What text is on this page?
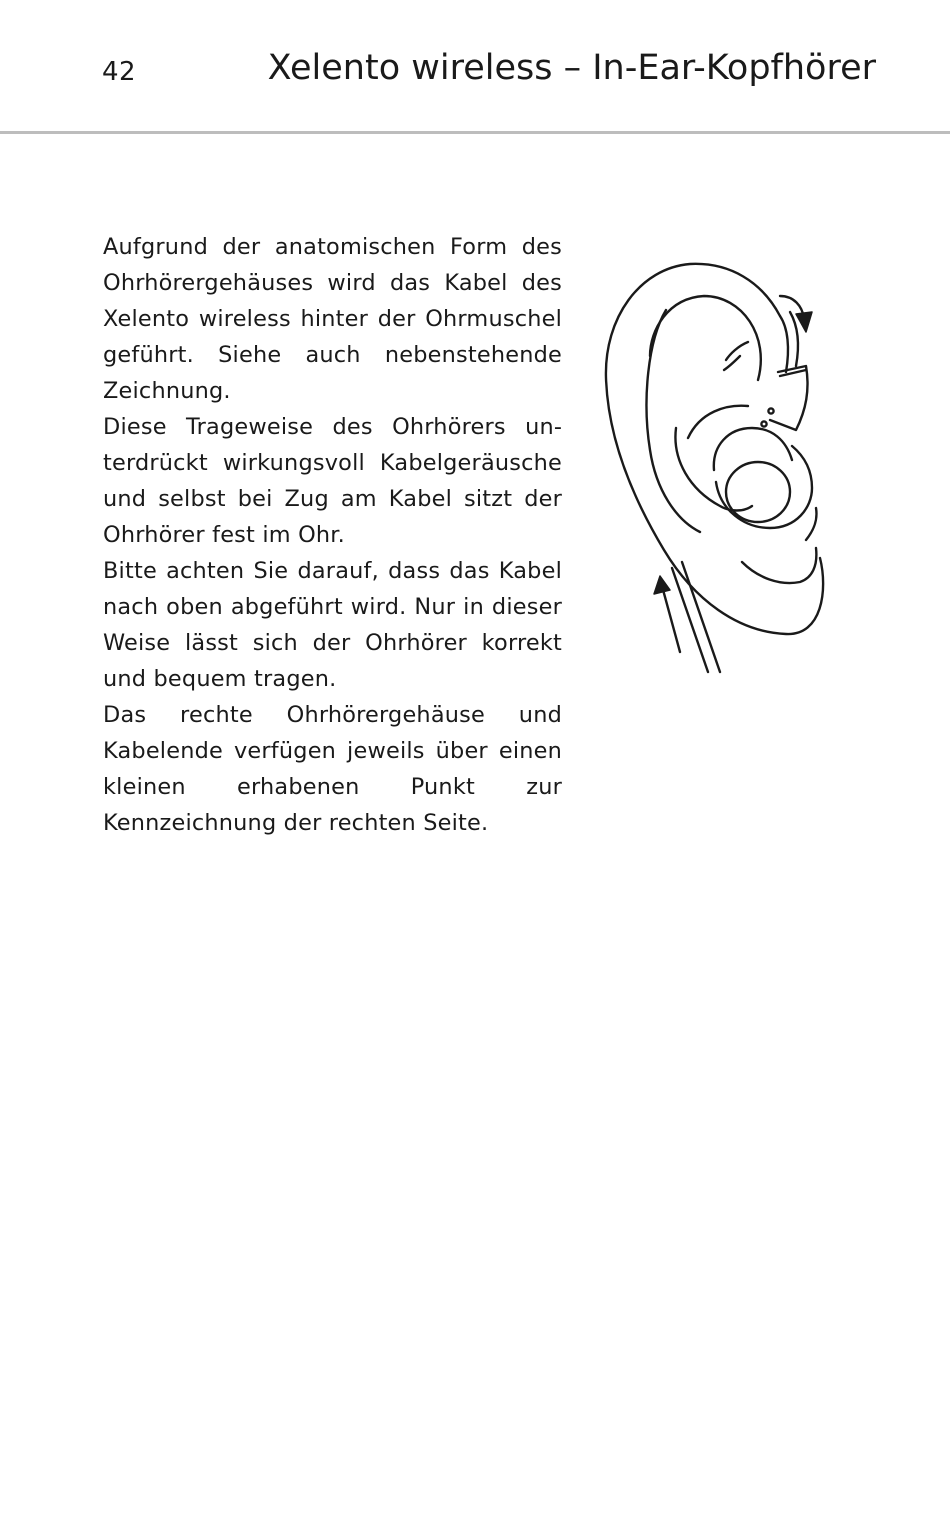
42	Xelento wireless – In-Ear-Kopfhörer

Aufgrund der anatomischen Form des Ohrhörergehäuses wird das Kabel des Xelento wireless hinter der Ohrmuschel geführt. Siehe auch nebenstehende Zeichnung.

Diese Trageweise des Ohrhörers unterdrückt wirkungsvoll Kabelgeräusche und selbst bei Zug am Kabel sitzt der Ohrhörer fest im Ohr.

Bitte achten Sie darauf, dass das Kabel nach oben abgeführt wird. Nur in dieser Weise lässt sich der Ohrhörer korrekt und bequem tragen.

Das rechte Ohrhörergehäuse und Kabelende verfügen jeweils über einen kleinen erhabenen Punkt zur Kennzeichnung der rechten Seite.
